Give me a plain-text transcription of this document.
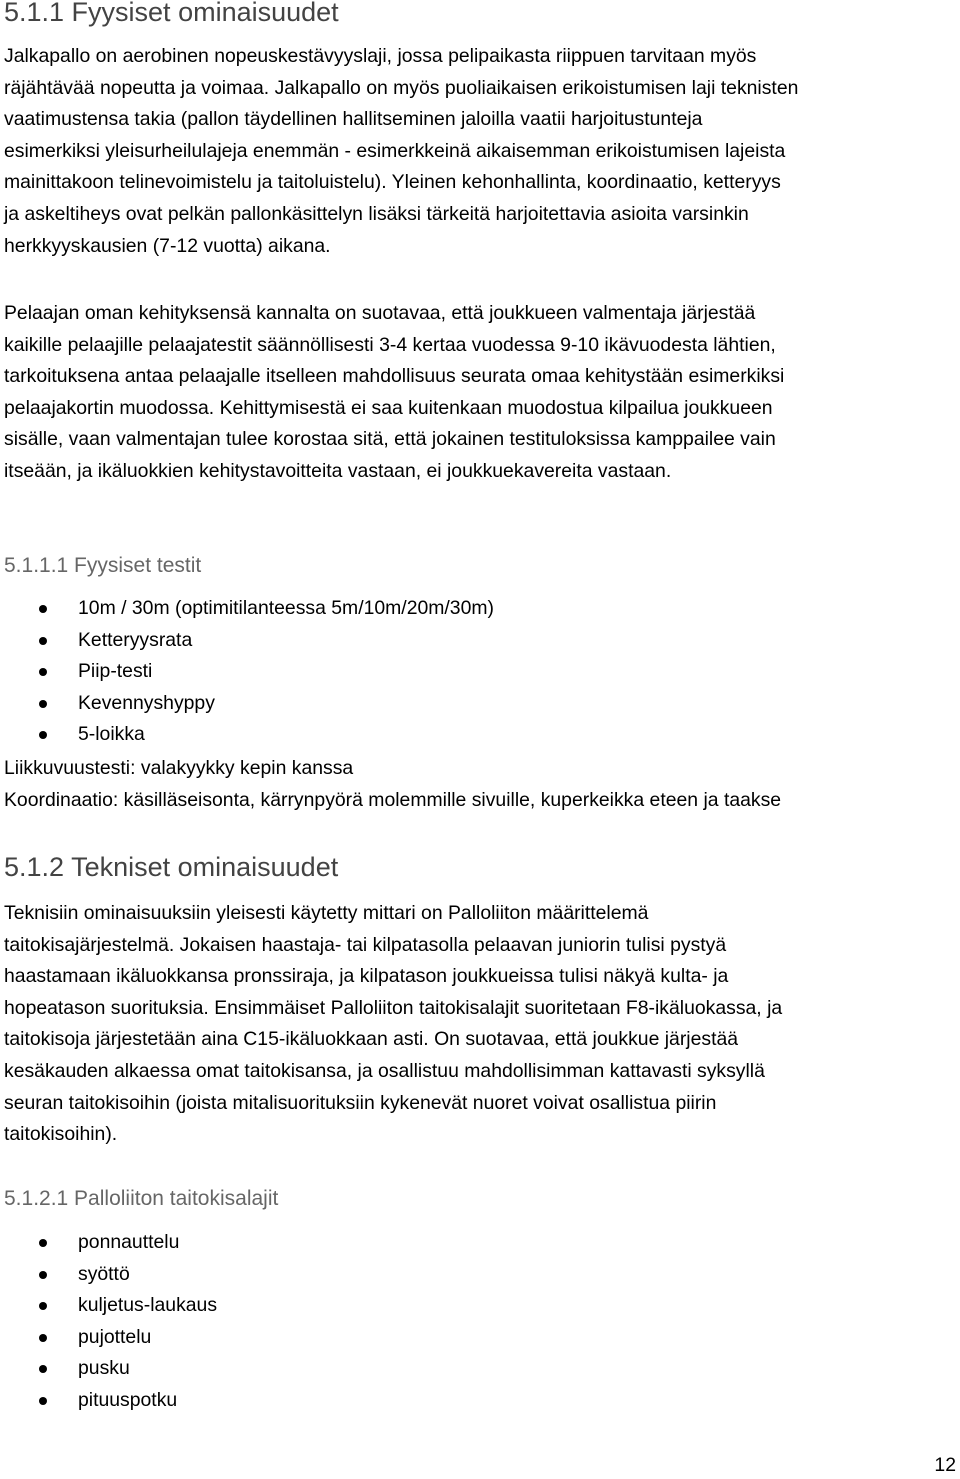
5.1.1 Fyysiset ominaisuudet
Jalkapallo on aerobinen nopeuskestävyyslaji, jossa pelipaikasta riippuen tarvitaan myös
räjähtävää nopeutta ja voimaa. Jalkapallo on myös puoliaikaisen erikoistumisen laji teknisten
vaatimustensa takia (pallon täydellinen hallitseminen jaloilla vaatii harjoitustunteja
esimerkiksi yleisurheilulajeja enemmän - esimerkkeinä aikaisemman erikoistumisen lajeista
mainittakoon telinevoimistelu ja taitoluistelu). Yleinen kehonhallinta, koordinaatio, ketteryys
ja askeltiheys ovat pelkän pallonkäsittelyn lisäksi tärkeitä harjoitettavia asioita varsinkin
herkkyyskausien (7-12 vuotta) aikana.
Pelaajan oman kehityksensä kannalta on suotavaa, että joukkueen valmentaja järjestää
kaikille pelaajille pelaajatestit säännöllisesti 3-4 kertaa vuodessa 9-10 ikävuodesta lähtien,
tarkoituksena antaa pelaajalle itselleen mahdollisuus seurata omaa kehitystään esimerkiksi
pelaajakortin muodossa. Kehittymisestä ei saa kuitenkaan muodostua kilpailua joukkueen
sisälle, vaan valmentajan tulee korostaa sitä, että jokainen testituloksissa kamppailee vain
itseään, ja ikäluokkien kehitystavoitteita vastaan, ei joukkuekavereita vastaan.
5.1.1.1 Fyysiset testit
10m / 30m (optimitilanteessa 5m/10m/20m/30m)
Ketteryysrata
Piip-testi
Kevennyshyppy
5-loikka

Liikkuvuustesti: valakyykky kepin kanssa

Koordinaatio: käsilläseisonta, kärrynpyörä molemmille sivuille, kuperkeikka eteen ja taakse

5.1.2 Tekniset ominaisuudet
Teknisiin ominaisuuksiin yleisesti käytetty mittari on Palloliiton määrittelemä
taitokisajärjestelmä. Jokaisen haastaja- tai kilpatasolla pelaavan juniorin tulisi pystyä
haastamaan ikäluokkansa pronssiraja, ja kilpatason joukkueissa tulisi näkyä kulta- ja
hopeatason suorituksia. Ensimmäiset Palloliiton taitokisalajit suoritetaan F8-ikäluokassa, ja
taitokisoja järjestetään aina C15-ikäluokkaan asti. On suotavaa, että joukkue järjestää
kesäkauden alkaessa omat taitokisansa, ja osallistuu mahdollisimman kattavasti syksyllä
seuran taitokisoihin (joista mitalisuorituksiin kykenevät nuoret voivat osallistua piirin
taitokisoihin).
5.1.2.1 Palloliiton taitokisalajit
ponnauttelu
syöttö
kuljetus-laukaus
pujottelu
pusku
pituuspotku
12
